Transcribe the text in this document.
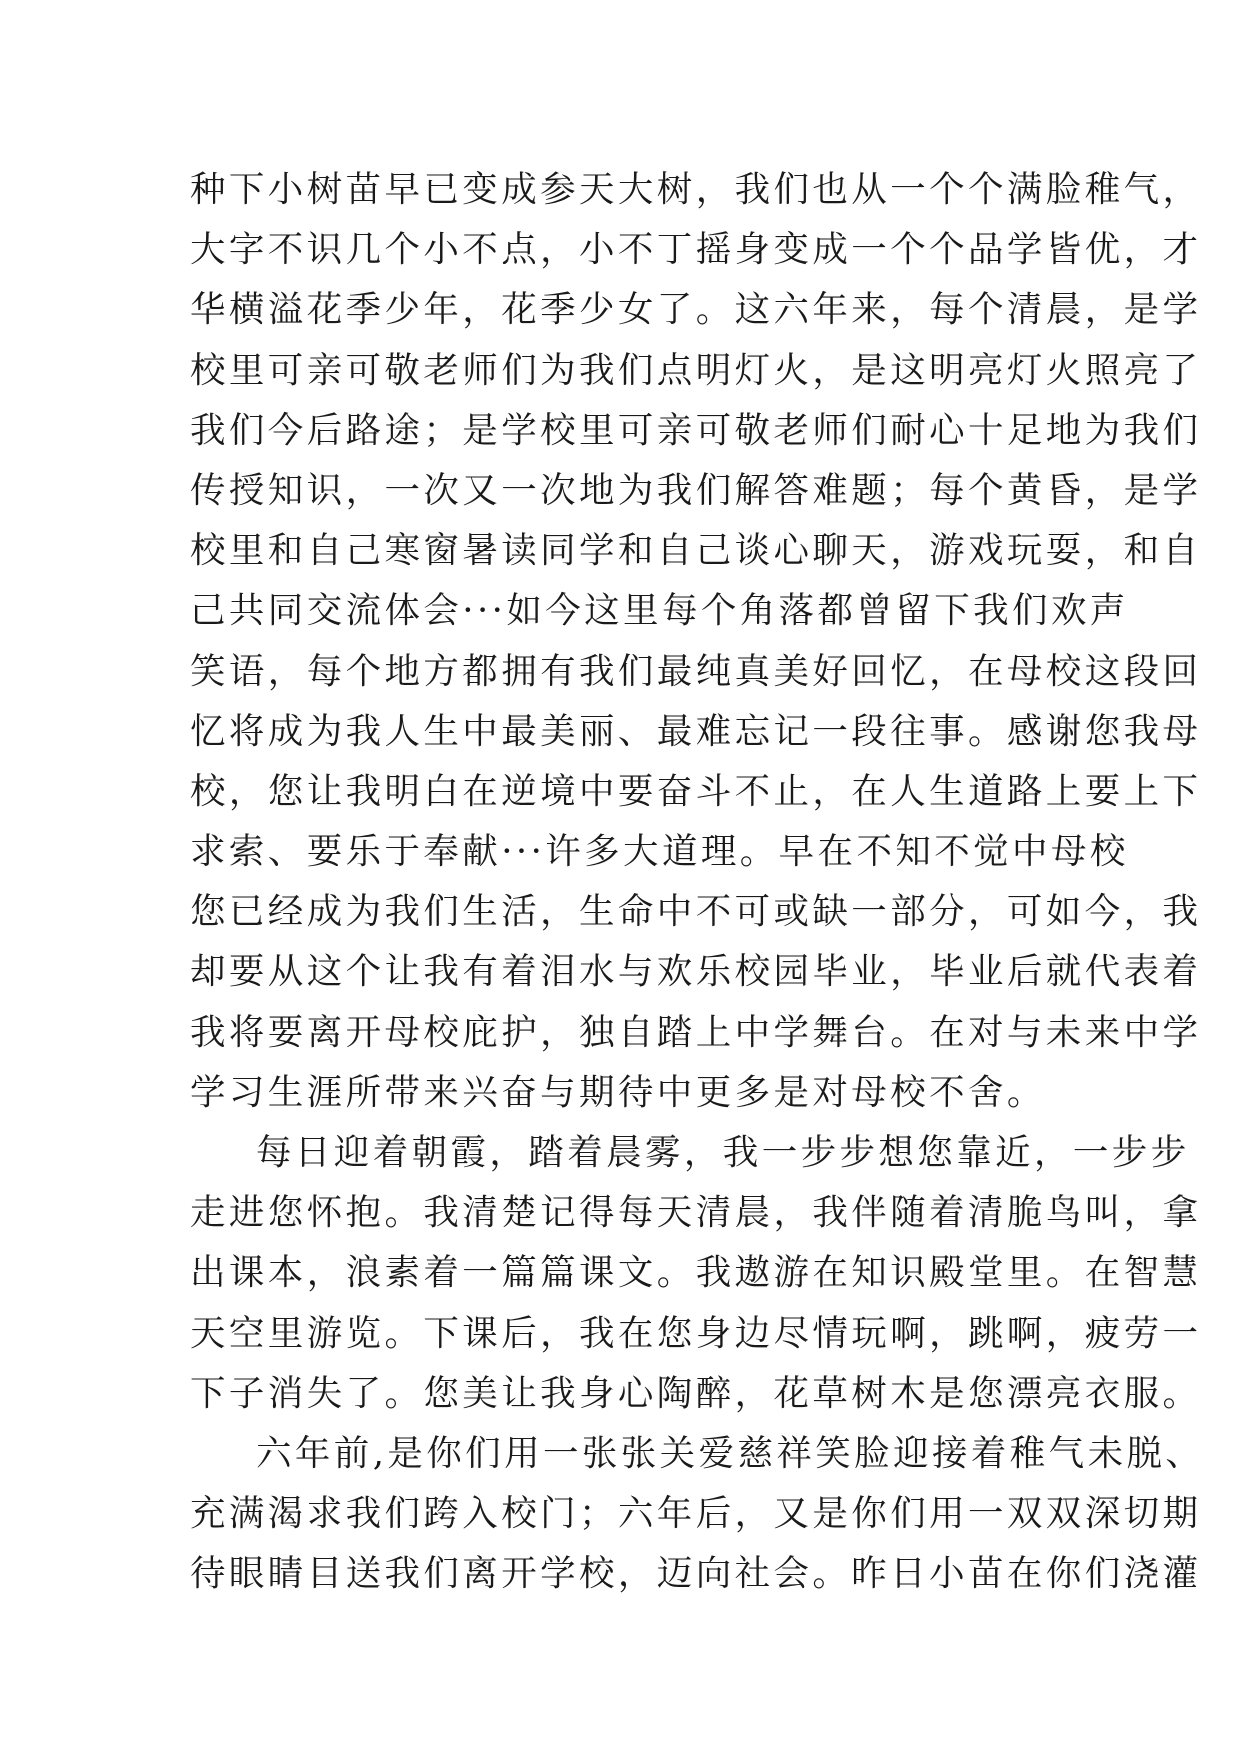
种下小树苗早已变成参天大树，我们也从一个个满脸稚气，
大字不识几个小不点，小不丁摇身变成一个个品学皆优，才
华横溢花季少年，花季少女了。这六年来，每个清晨，是学
校里可亲可敬老师们为我们点明灯火，是这明亮灯火照亮了
我们今后路途；是学校里可亲可敬老师们耐心十足地为我们
传授知识，一次又一次地为我们解答难题；每个黄昏，是学
校里和自己寒窗暑读同学和自己谈心聊天，游戏玩耍，和自
己共同交流体会···如今这里每个角落都曾留下我们欢声
笑语，每个地方都拥有我们最纯真美好回忆，在母校这段回
忆将成为我人生中最美丽、最难忘记一段往事。感谢您我母
校，您让我明白在逆境中要奋斗不止，在人生道路上要上下
求索、要乐于奉献···许多大道理。早在不知不觉中母校
您已经成为我们生活，生命中不可或缺一部分，可如今，我
却要从这个让我有着泪水与欢乐校园毕业，毕业后就代表着
我将要离开母校庇护，独自踏上中学舞台。在对与未来中学
学习生涯所带来兴奋与期待中更多是对母校不舍。
每日迎着朝霞，踏着晨雾，我一步步想您靠近，一步步
走进您怀抱。我清楚记得每天清晨，我伴随着清脆鸟叫，拿
出课本，浪素着一篇篇课文。我遨游在知识殿堂里。在智慧
天空里游览。下课后，我在您身边尽情玩啊，跳啊，疲劳一
下子消失了。您美让我身心陶醉，花草树木是您漂亮衣服。
六年前,是你们用一张张关爱慈祥笑脸迎接着稚气未脱、
充满渴求我们跨入校门；六年后，又是你们用一双双深切期
待眼睛目送我们离开学校，迈向社会。昨日小苗在你们浇灌
